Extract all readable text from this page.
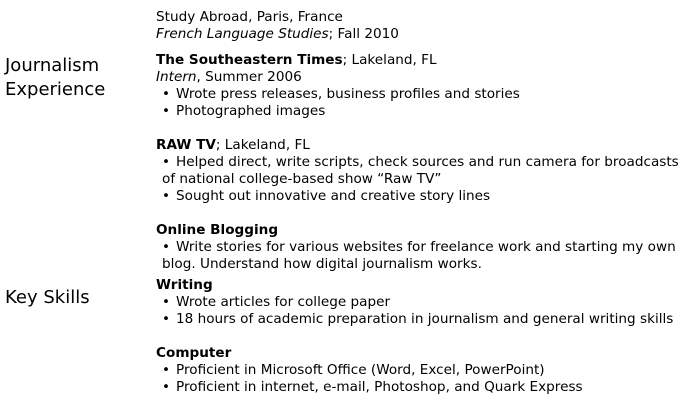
Journalism
Experience
Key Skills
Study Abroad, Paris, France
French Language Studies; Fall 2010
The Southeastern Times; Lakeland, FL
Intern, Summer 2006
• Wrote press releases, business profiles and stories
• Photographed images
RAW TV; Lakeland, FL
• Helped direct, write scripts, check sources and run camera for broadcasts of national college-based show “Raw TV”
• Sought out innovative and creative story lines
Online Blogging
• Write stories for various websites for freelance work and starting my own blog. Understand how digital journalism works.
Writing
• Wrote articles for college paper
• 18 hours of academic preparation in journalism and general writing skills
Computer
• Proficient in Microsoft Office (Word, Excel, PowerPoint)
• Proficient in internet, e-mail, Photoshop, and Quark Express
